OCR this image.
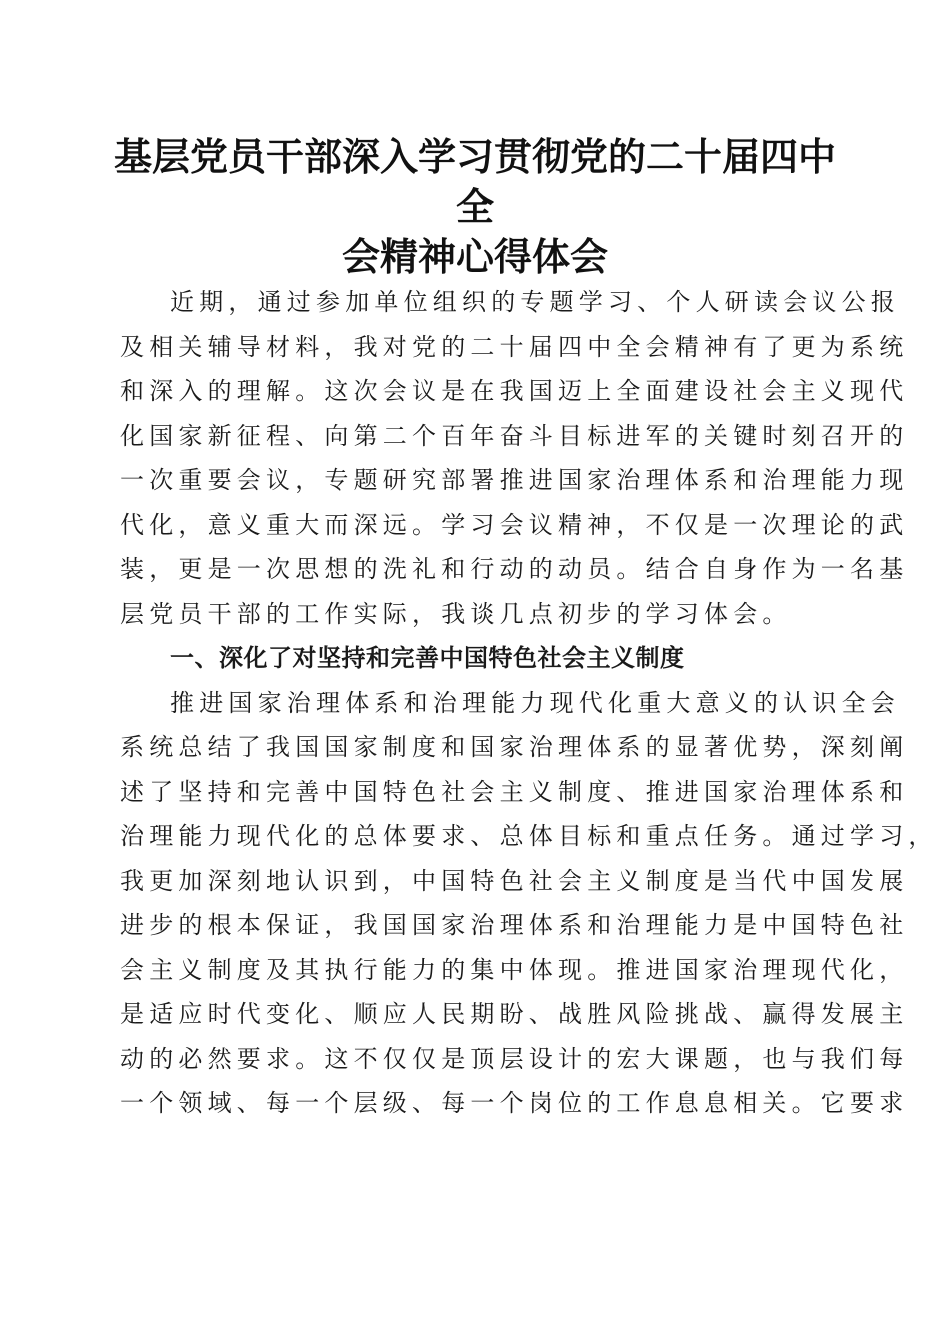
基层党员干部深入学习贯彻党的二十届四中全
会精神心得体会
近期，通过参加单位组织的专题学习、个人研读会议公报
及相关辅导材料，我对党的二十届四中全会精神有了更为系统
和深入的理解。这次会议是在我国迈上全面建设社会主义现代
化国家新征程、向第二个百年奋斗目标进军的关键时刻召开的
一次重要会议，专题研究部署推进国家治理体系和治理能力现
代化，意义重大而深远。学习会议精神，不仅是一次理论的武
装，更是一次思想的洗礼和行动的动员。结合自身作为一名基
层党员干部的工作实际，我谈几点初步的学习体会。
一、深化了对坚持和完善中国特色社会主义制度
推进国家治理体系和治理能力现代化重大意义的认识全会
系统总结了我国国家制度和国家治理体系的显著优势，深刻阐
述了坚持和完善中国特色社会主义制度、推进国家治理体系和
治理能力现代化的总体要求、总体目标和重点任务。通过学习，
我更加深刻地认识到，中国特色社会主义制度是当代中国发展
进步的根本保证，我国国家治理体系和治理能力是中国特色社
会主义制度及其执行能力的集中体现。推进国家治理现代化，
是适应时代变化、顺应人民期盼、战胜风险挑战、赢得发展主
动的必然要求。这不仅仅是顶层设计的宏大课题，也与我们每
一个领域、每一个层级、每一个岗位的工作息息相关。它要求
